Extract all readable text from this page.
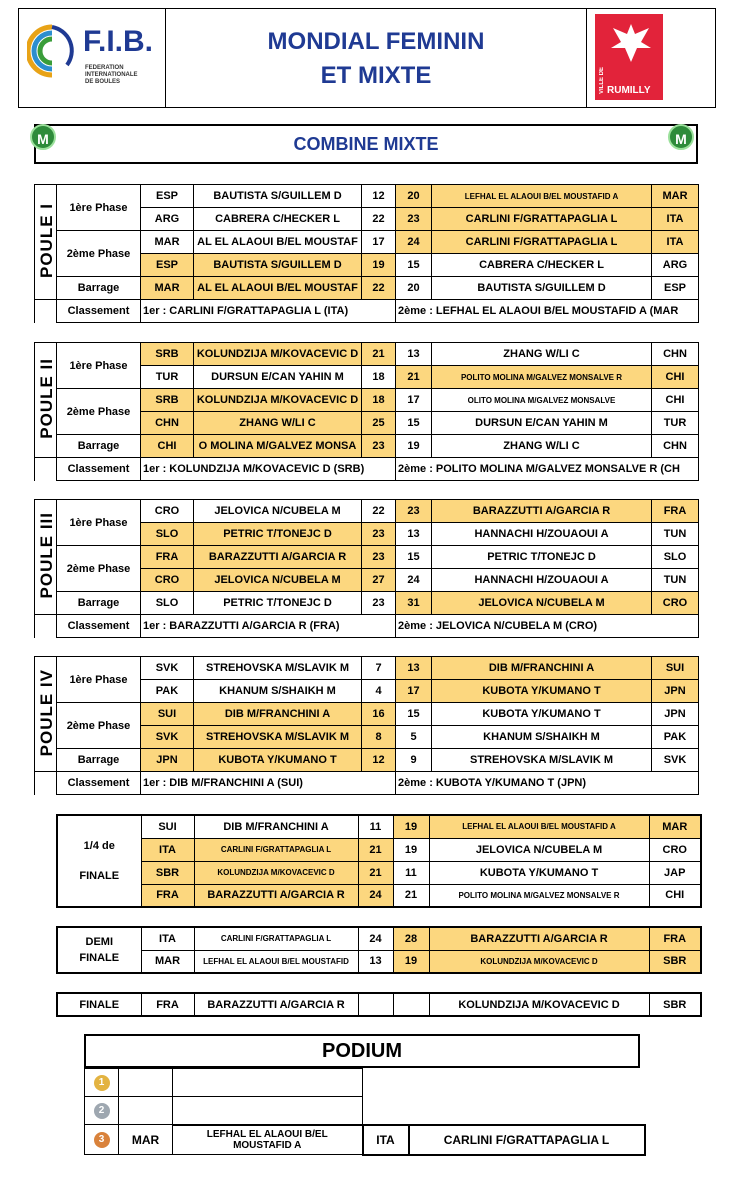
F.I.B.
FEDERATION
INTERNATIONALE
DE BOULES
MONDIAL FEMININ
ET MIXTE	VILLE DE RUMILLY
COMBINE MIXTE
M	M
POULE I	1ère Phase	ESP	BAUTISTA S/GUILLEM D	12	20	LEFHAL EL ALAOUI B/EL MOUSTAFID A	MAR
		ARG	CABRERA C/HECKER L	22	23	CARLINI F/GRATTAPAGLIA L	ITA
	2ème Phase	MAR	AL EL ALAOUI B/EL MOUSTAF	17	24	CARLINI F/GRATTAPAGLIA L	ITA
		ESP	BAUTISTA S/GUILLEM D	19	15	CABRERA C/HECKER L	ARG
	Barrage	MAR	AL EL ALAOUI B/EL MOUSTAF	22	20	BAUTISTA S/GUILLEM D	ESP
	Classement	1er : CARLINI F/GRATTAPAGLIA L (ITA)			2ème : LEFHAL EL ALAOUI B/EL MOUSTAFID A (MAR		
POULE II	1ère Phase	SRB	KOLUNDZIJA M/KOVACEVIC D	21	13	ZHANG W/LI C	CHN
		TUR	DURSUN E/CAN YAHIN M	18	21	POLITO MOLINA M/GALVEZ MONSALVE R	CHI
	2ème Phase	SRB	KOLUNDZIJA M/KOVACEVIC D	18	17	OLITO MOLINA M/GALVEZ MONSALVE	CHI
		CHN	ZHANG W/LI C	25	15	DURSUN E/CAN YAHIN M	TUR
	Barrage	CHI	O MOLINA M/GALVEZ MONSA	23	19	ZHANG W/LI C	CHN
	Classement	1er : KOLUNDZIJA M/KOVACEVIC D (SRB)			2ème : POLITO MOLINA M/GALVEZ MONSALVE R (CH		
POULE III	1ère Phase	CRO	JELOVICA N/CUBELA M	22	23	BARAZZUTTI A/GARCIA R	FRA
		SLO	PETRIC T/TONEJC D	23	13	HANNACHI H/ZOUAOUI A	TUN
	2ème Phase	FRA	BARAZZUTTI A/GARCIA R	23	15	PETRIC T/TONEJC D	SLO
		CRO	JELOVICA N/CUBELA M	27	24	HANNACHI H/ZOUAOUI A	TUN
	Barrage	SLO	PETRIC T/TONEJC D	23	31	JELOVICA N/CUBELA M	CRO
	Classement	1er : BARAZZUTTI A/GARCIA R (FRA)			2ème : JELOVICA N/CUBELA M (CRO)		
POULE IV	1ère Phase	SVK	STREHOVSKA M/SLAVIK M	7	13	DIB M/FRANCHINI A	SUI
		PAK	KHANUM S/SHAIKH M	4	17	KUBOTA Y/KUMANO T	JPN
	2ème Phase	SUI	DIB M/FRANCHINI A	16	15	KUBOTA Y/KUMANO T	JPN
		SVK	STREHOVSKA M/SLAVIK M	8	5	KHANUM S/SHAIKH M	PAK
	Barrage	JPN	KUBOTA Y/KUMANO T	12	9	STREHOVSKA M/SLAVIK M	SVK
	Classement	1er : DIB M/FRANCHINI A (SUI)			2ème : KUBOTA Y/KUMANO T (JPN)		
1/4 de
FINALE	SUI	DIB M/FRANCHINI A	11	19	LEFHAL EL ALAOUI B/EL MOUSTAFID A	MAR
	ITA	CARLINI F/GRATTAPAGLIA L	21	19	JELOVICA N/CUBELA M	CRO
	SBR	KOLUNDZIJA M/KOVACEVIC D	21	11	KUBOTA Y/KUMANO T	JAP
	FRA	BARAZZUTTI A/GARCIA R	24	21	POLITO MOLINA M/GALVEZ MONSALVE R	CHI
DEMI
FINALE	ITA	CARLINI F/GRATTAPAGLIA L	24	28	BARAZZUTTI A/GARCIA R	FRA
	MAR	LEFHAL EL ALAOUI B/EL MOUSTAFID	13	19	KOLUNDZIJA M/KOVACEVIC D	SBR
FINALE	FRA	BARAZZUTTI A/GARCIA R			KOLUNDZIJA M/KOVACEVIC D	SBR
PODIUM
1				
2				
3	MAR	LEFHAL EL ALAOUI B/EL
MOUSTAFID A	ITA	CARLINI F/GRATTAPAGLIA L
